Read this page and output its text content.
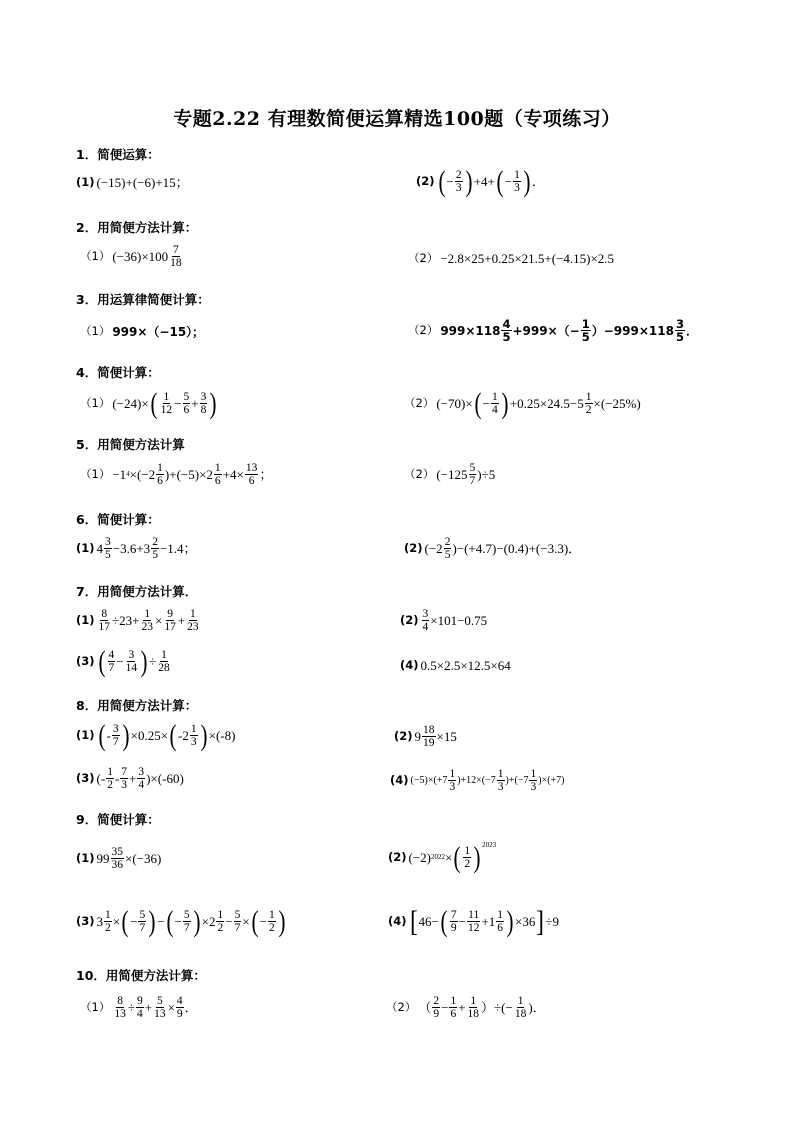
专题2.22 有理数简便运算精选100题（专项练习）
1．简便运算：
(1) (−15)+(−6)+15；	(2) ( − $\frac{2}{3}$ ) +4+ ( − $\frac{1}{3}$ ) ．
2．用简便方法计算：
（1） $(-36)\times 100 \frac{7}{18}$	（2） −2.8×25+0.25×21.5+(−4.15)×2.5
3．用运算律简便计算：
（1） 999×（−15）；	（2） $999\times 118 \frac{4}{5} +999\times(- \frac{1}{5} )-999\times 118 \frac{3}{5}$ ．
4．简便计算：
（1） (−24)× ( $\frac{1}{12} - \frac{5}{6} + \frac{3}{8}$ )	（2） (−70)× ( − $\frac{1}{4}$ ) $+0.25\times 24.5-5 \frac{1}{2} \times(-25\%)$
5．用简便方法计算
（1） −1 $4 \times(-2 \frac{1}{6} )+(-5)\times 2 \frac{1}{6} +4\times \frac{13}{6}$ ；	（2） $(-125 \frac{5}{7} )\div 5$
6．简便计算：
(1) $4 \frac{3}{5} -3.6+3 \frac{2}{5} -1.4$；	(2) $(-2 \frac{2}{5} )-(+4.7)-(0.4)+(-3.3)$．
7．用简便方法计算．
$(1) \frac{8}{17} \div 23+ \frac{1}{23} \times \frac{9}{17} + \frac{1}{23}$	$(2) \frac{3}{4} \times 101-0.75$
(3) ( $\frac{4}{7} - \frac{3}{14}$ ) ÷ $\frac{1}{28}$	(4) 0.5×2.5×12.5×64
8．用简便方法计算：
(1) ( - $\frac{3}{7}$ ) ×0.25× ( $-2 \frac{1}{3}$ ) ×(-8)	(2) $9 \frac{18}{19} \times 15$
(3) (- $\frac{1}{2} - \frac{7}{3} + \frac{3}{4} )\times(-60)$	(4) $(-5)\times(+7 \frac{1}{3} )+12\times(-7 \frac{1}{3} )+(-7 \frac{1}{3} )\times(+7)$
9．简便计算：
(1) $99 \frac{35}{36} \times(-36)$	(2) (−2) 2022 × ( $\frac{1}{2} )^{2023}$
(3) $3 \frac{1}{2}$ × ( − $\frac{5}{7}$ ) − ( − $\frac{5}{7}$ ) $\times 2 \frac{1}{2} - \frac{5}{7}$ × ( − $\frac{1}{2}$ )	(4) [ 46− ( $\frac{7}{9} - \frac{11}{12} +1 \frac{1}{6}$ ) ×36 ] ÷9
10．用简便方法计算：
$(1) \frac{8}{13} \div \frac{9}{4} + \frac{5}{13} \times \frac{4}{9}$ ．	（2） （ $\frac{2}{9} - \frac{1}{6} + \frac{1}{18}$ ）÷(− $\frac{1}{18}$ )．
